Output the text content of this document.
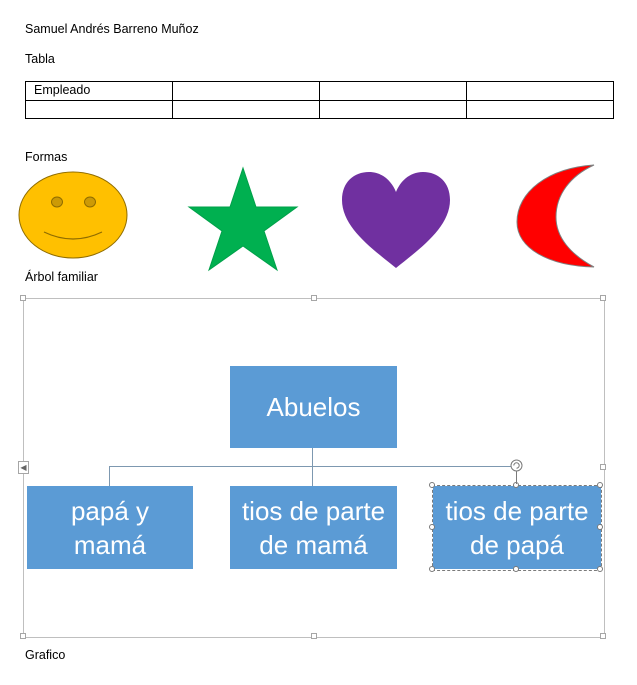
Samuel Andrés Barreno Muñoz
Tabla
Empleado			

Formas
Árbol familiar
◀
Abuelos
papá y
mamá
tios de parte
de mamá
tios de parte
de papá
Grafico
